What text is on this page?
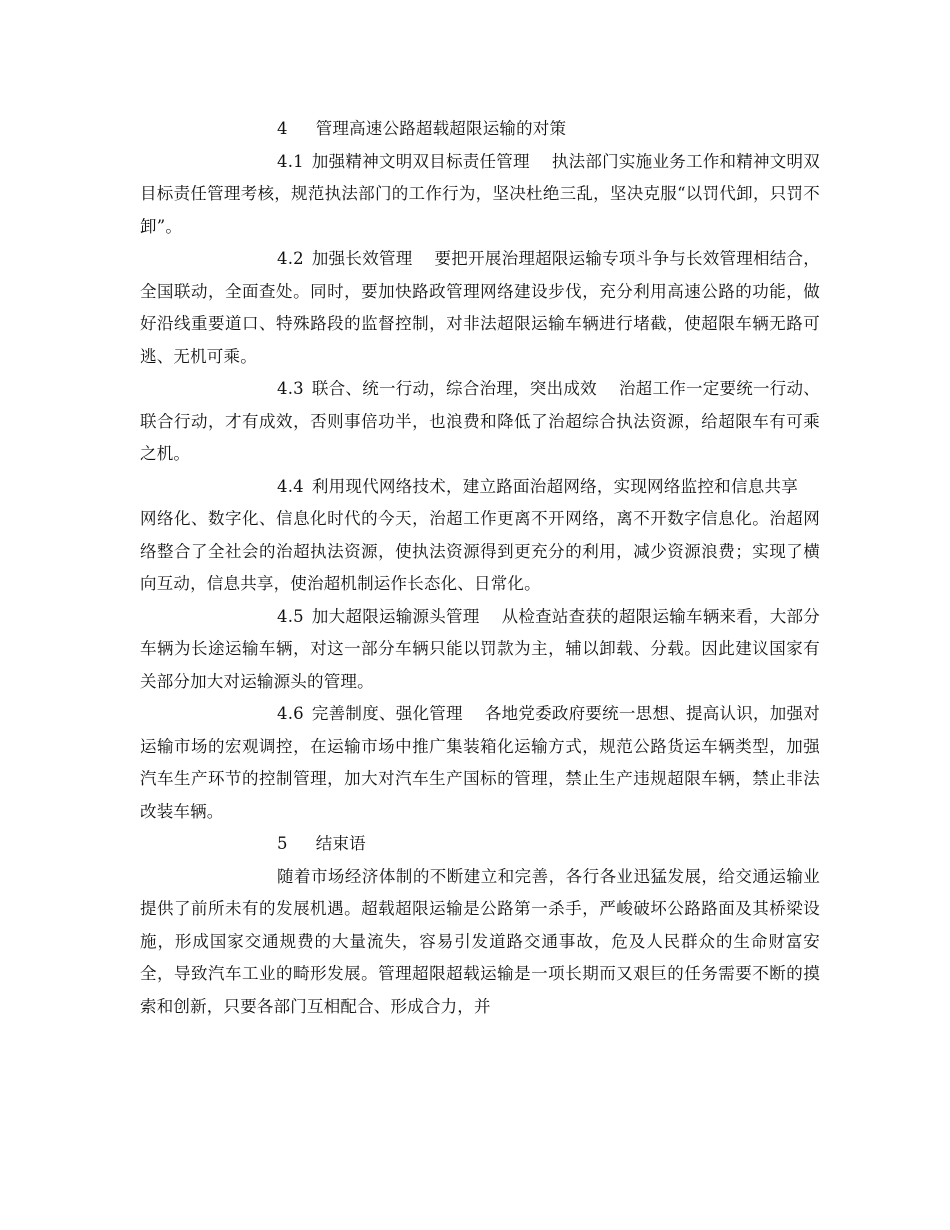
4 管理高速公路超载超限运输的对策

4.1 加强精神文明双目标责任管理 执法部门实施业务工作和精神文明双目标责任管理考核，规范执法部门的工作行为，坚决杜绝三乱，坚决克服“以罚代卸，只罚不卸”。

4.2 加强长效管理 要把开展治理超限运输专项斗争与长效管理相结合，全国联动，全面查处。同时，要加快路政管理网络建设步伐，充分利用高速公路的功能，做好沿线重要道口、特殊路段的监督控制，对非法超限运输车辆进行堵截，使超限车辆无路可逃、无机可乘。

4.3 联合、统一行动，综合治理，突出成效 治超工作一定要统一行动、联合行动，才有成效，否则事倍功半，也浪费和降低了治超综合执法资源，给超限车有可乘之机。

4.4 利用现代网络技术，建立路面治超网络，实现网络监控和信息共享网络化、数字化、信息化时代的今天，治超工作更离不开网络，离不开数字信息化。治超网络整合了全社会的治超执法资源，使执法资源得到更充分的利用，减少资源浪费；实现了横向互动，信息共享，使治超机制运作长态化、日常化。

4.5 加大超限运输源头管理 从检查站查获的超限运输车辆来看，大部分车辆为长途运输车辆，对这一部分车辆只能以罚款为主，辅以卸载、分载。因此建议国家有关部分加大对运输源头的管理。

4.6 完善制度、强化管理 各地党委政府要统一思想、提高认识，加强对运输市场的宏观调控，在运输市场中推广集装箱化运输方式，规范公路货运车辆类型，加强汽车生产环节的控制管理，加大对汽车生产国标的管理，禁止生产违规超限车辆，禁止非法改装车辆。

5 结束语

随着市场经济体制的不断建立和完善，各行各业迅猛发展，给交通运输业提供了前所未有的发展机遇。超载超限运输是公路第一杀手，严峻破坏公路路面及其桥梁设施，形成国家交通规费的大量流失，容易引发道路交通事故，危及人民群众的生命财富安全，导致汽车工业的畸形发展。管理超限超载运输是一项长期而又艰巨的任务需要不断的摸索和创新，只要各部门互相配合、形成合力，并
